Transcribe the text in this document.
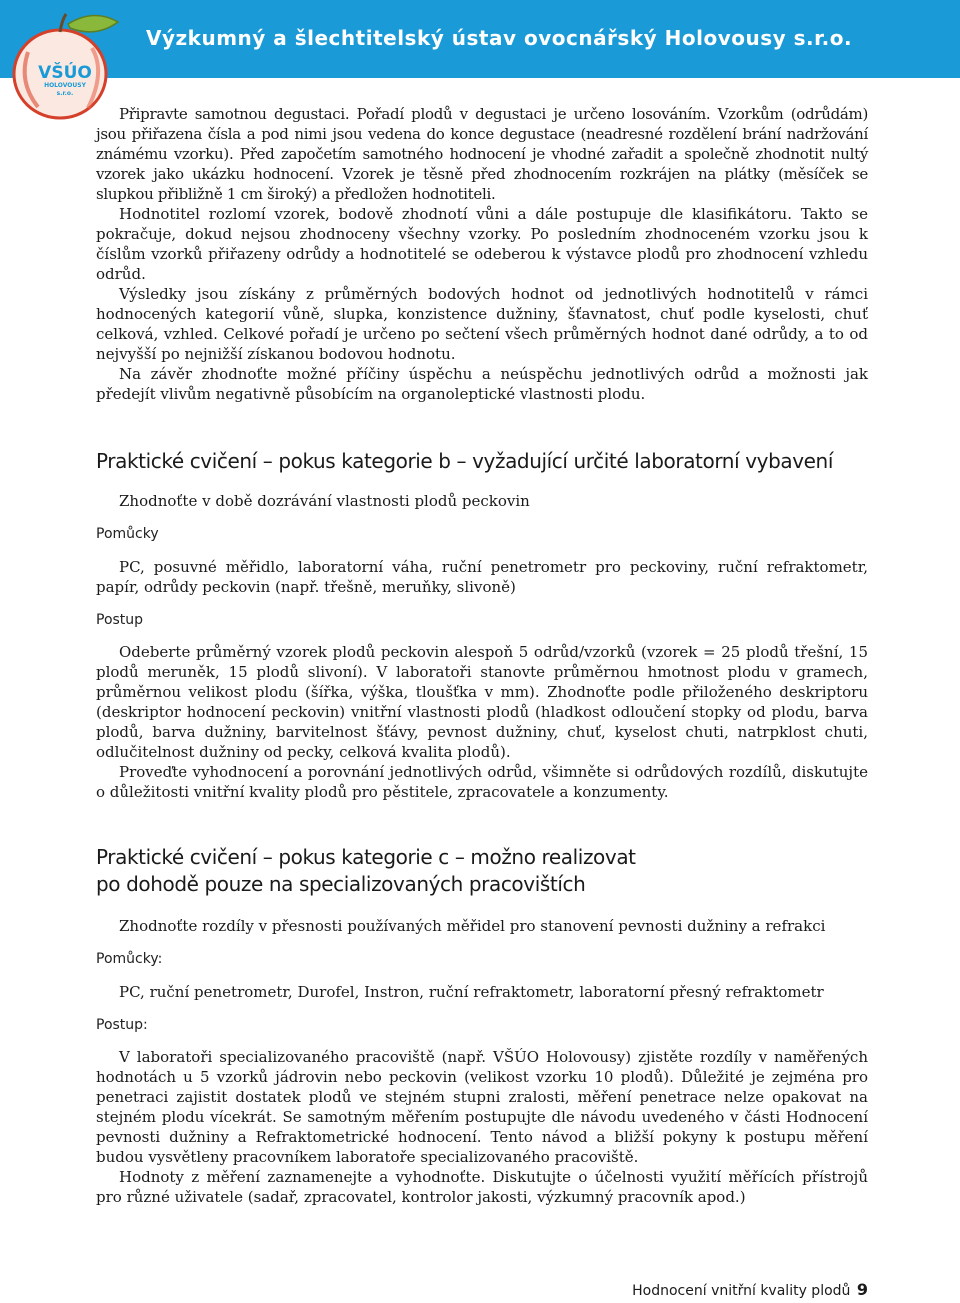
Výzkumný a šlechtitelský ústav ovocnářský Holovousy s.r.o.
VŠÚO
HOLOVOUSY
s.r.o.

Připravte samotnou degustaci. Pořadí plodů v degustaci je určeno losováním. Vzorkům (odrůdám) jsou přiřazena čísla a pod nimi jsou vedena do konce degustace (neadresné rozdělení brání nadržování známému vzorku). Před započetím samotného hodnocení je vhodné zařadit a společně zhodnotit nultý vzorek jako ukázku hodnocení. Vzorek je těsně před zhodnocením rozkrájen na plátky (měsíček se slupkou přibližně 1 cm široký) a předložen hodnotiteli.

Hodnotitel rozlomí vzorek, bodově zhodnotí vůni a dále postupuje dle klasifikátoru. Takto se pokračuje, dokud nejsou zhodnoceny všechny vzorky. Po posledním zhodnoceném vzorku jsou k číslům vzorků přiřazeny odrůdy a hodnotitelé se odeberou k výstavce plodů pro zhodnocení vzhledu odrůd.

Výsledky jsou získány z průměrných bodových hodnot od jednotlivých hodnotitelů v rámci hodnocených kategorií vůně, slupka, konzistence dužniny, šťavnatost, chuť podle kyselosti, chuť celková, vzhled. Celkové pořadí je určeno po sečtení všech průměrných hodnot dané odrůdy, a to od nejvyšší po nejnižší získanou bodovou hodnotu.

Na závěr zhodnoťte možné příčiny úspěchu a neúspěchu jednotlivých odrůd a možnosti jak předejít vlivům negativně působícím na organoleptické vlastnosti plodu.

Praktické cvičení – pokus kategorie b – vyžadující určité laboratorní vybavení

Zhodnoťte v době dozrávání vlastnosti plodů peckovin

Pomůcky

PC, posuvné měřidlo, laboratorní váha, ruční penetrometr pro peckoviny, ruční refraktometr, papír, odrůdy peckovin (např. třešně, meruňky, slivoně)

Postup

Odeberte průměrný vzorek plodů peckovin alespoň 5 odrůd/vzorků (vzorek = 25 plodů třešní, 15 plodů meruněk, 15 plodů slivoní). V laboratoři stanovte průměrnou hmotnost plodu v gramech, průměrnou velikost plodu (šířka, výška, tloušťka v mm). Zhodnoťte podle přiloženého deskriptoru (deskriptor hodnocení peckovin) vnitřní vlastnosti plodů (hladkost odloučení stopky od plodu, barva plodů, barva dužniny, barvitelnost šťávy, pevnost dužniny, chuť, kyselost chuti, natrpklost chuti, odlučitelnost dužniny od pecky, celková kvalita plodů).

Proveďte vyhodnocení a porovnání jednotlivých odrůd, všimněte si odrůdových rozdílů, diskutujte o důležitosti vnitřní kvality plodů pro pěstitele, zpracovatele a konzumenty.

Praktické cvičení – pokus kategorie c – možno realizovat
po dohodě pouze na specializovaných pracovištích

Zhodnoťte rozdíly v přesnosti používaných měřidel pro stanovení pevnosti dužniny a refrakci

Pomůcky:

PC, ruční penetrometr, Durofel, Instron, ruční refraktometr, laboratorní přesný refraktometr

Postup:

V laboratoři specializovaného pracoviště (např. VŠÚO Holovousy) zjistěte rozdíly v naměřených hodnotách u 5 vzorků jádrovin nebo peckovin (velikost vzorku 10 plodů). Důležité je zejména pro penetraci zajistit dostatek plodů ve stejném stupni zralosti, měření penetrace nelze opakovat na stejném plodu vícekrát. Se samotným měřením postupujte dle návodu uvedeného v části Hodnocení pevnosti dužniny a Refraktometrické hodnocení. Tento návod a bližší pokyny k postupu měření budou vysvětleny pracovníkem laboratoře specializovaného pracoviště.

Hodnoty z měření zaznamenejte a vyhodnoťte. Diskutujte o účelnosti využití měřících přístrojů pro různé uživatele (sadař, zpracovatel, kontrolor jakosti, výzkumný pracovník apod.)

Hodnocení vnitřní kvality plodů 9
